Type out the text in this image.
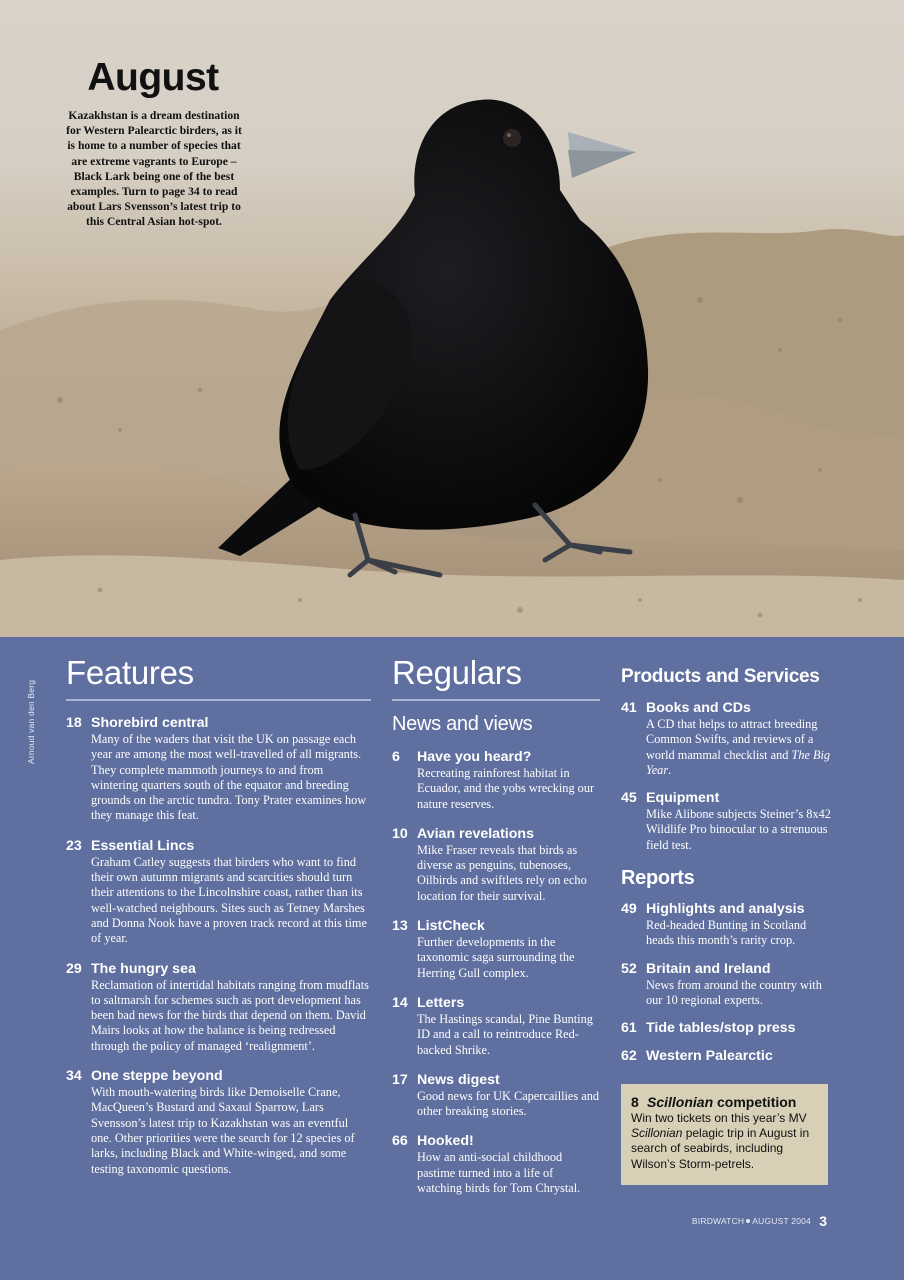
August
Kazakhstan is a dream destination for Western Palearctic birders, as it is home to a number of species that are extreme vagrants to Europe – Black Lark being one of the best examples. Turn to page 34 to read about Lars Svensson’s latest trip to this Central Asian hot-spot.
Arnoud van den Berg
Features
18 Shorebird central
Many of the waders that visit the UK on passage each year are among the most well-travelled of all migrants. They complete mammoth journeys to and from wintering quarters south of the equator and breeding grounds on the arctic tundra. Tony Prater examines how they manage this feat.
23 Essential Lincs
Graham Catley suggests that birders who want to find their own autumn migrants and scarcities should turn their attentions to the Lincolnshire coast, rather than its well-watched neighbours. Sites such as Tetney Marshes and Donna Nook have a proven track record at this time of year.
29 The hungry sea
Reclamation of intertidal habitats ranging from mudflats to saltmarsh for schemes such as port development has been bad news for the birds that depend on them. David Mairs looks at how the balance is being redressed through the policy of managed ‘realignment’.
34 One steppe beyond
With mouth-watering birds like Demoiselle Crane, MacQueen’s Bustard and Saxaul Sparrow, Lars Svensson’s latest trip to Kazakhstan was an eventful one. Other priorities were the search for 12 species of larks, including Black and White-winged, and some testing taxonomic questions.
Regulars
News and views
6	Have you heard?
Recreating rainforest habitat in Ecuador, and the yobs wrecking our nature reserves.
10 Avian revelations
Mike Fraser reveals that birds as diverse as penguins, tubenoses, Oilbirds and swiftlets rely on echo location for their survival.
13 ListCheck
Further developments in the taxonomic saga surrounding the Herring Gull complex.
14 Letters
The Hastings scandal, Pine Bunting ID and a call to reintroduce Red-backed Shrike.
17 News digest
Good news for UK Capercaillies and other breaking stories.
66 Hooked!
How an anti-social childhood pastime turned into a life of watching birds for Tom Chrystal.
Products and Services
41 Books and CDs
A CD that helps to attract breeding Common Swifts, and reviews of a world mammal checklist and The Big Year.
45 Equipment
Mike Alibone subjects Steiner’s 8x42 Wildlife Pro binocular to a strenuous field test.
Reports
49 Highlights and analysis
Red-headed Bunting in Scotland heads this month’s rarity crop.
52 Britain and Ireland
News from around the country with our 10 regional experts.
61 Tide tables/stop press
62 Western Palearctic
8 Scillonian competition
Win two tickets on this year’s MV Scillonian pelagic trip in August in search of seabirds, including Wilson’s Storm-petrels.
BIRDWATCH AUGUST 2004 3
